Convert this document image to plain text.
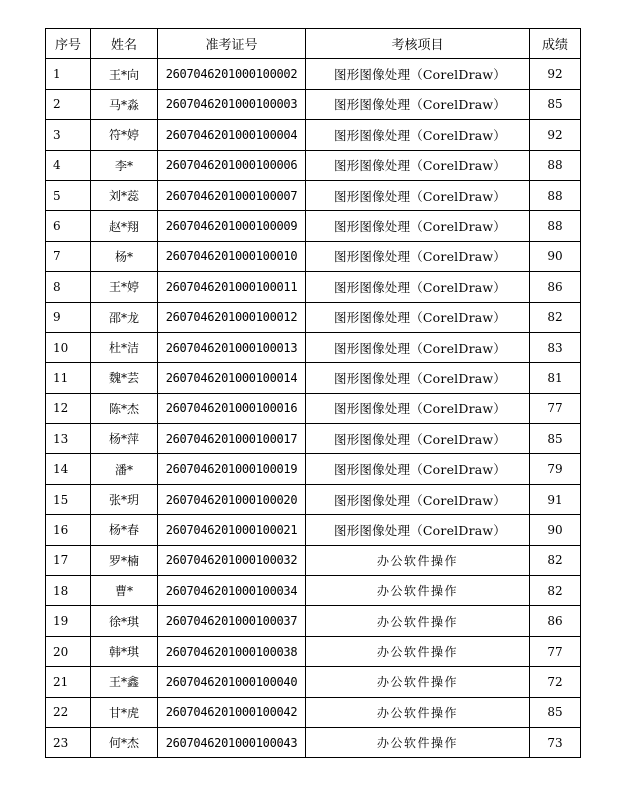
序号	姓名	准考证号	考核项目	成绩
1	王*向	2607046201000100002	图形图像处理（CorelDraw）	92
2	马*淼	2607046201000100003	图形图像处理（CorelDraw）	85
3	符*婷	2607046201000100004	图形图像处理（CorelDraw）	92
4	李*	2607046201000100006	图形图像处理（CorelDraw）	88
5	刘*蕊	2607046201000100007	图形图像处理（CorelDraw）	88
6	赵*翔	2607046201000100009	图形图像处理（CorelDraw）	88
7	杨*	2607046201000100010	图形图像处理（CorelDraw）	90
8	王*婷	2607046201000100011	图形图像处理（CorelDraw）	86
9	邵*龙	2607046201000100012	图形图像处理（CorelDraw）	82
10	杜*洁	2607046201000100013	图形图像处理（CorelDraw）	83
11	魏*芸	2607046201000100014	图形图像处理（CorelDraw）	81
12	陈*杰	2607046201000100016	图形图像处理（CorelDraw）	77
13	杨*萍	2607046201000100017	图形图像处理（CorelDraw）	85
14	潘*	2607046201000100019	图形图像处理（CorelDraw）	79
15	张*玥	2607046201000100020	图形图像处理（CorelDraw）	91
16	杨*春	2607046201000100021	图形图像处理（CorelDraw）	90
17	罗*楠	2607046201000100032	办公软件操作	82
18	曹*	2607046201000100034	办公软件操作	82
19	徐*琪	2607046201000100037	办公软件操作	86
20	韩*琪	2607046201000100038	办公软件操作	77
21	王*鑫	2607046201000100040	办公软件操作	72
22	甘*虎	2607046201000100042	办公软件操作	85
23	何*杰	2607046201000100043	办公软件操作	73
